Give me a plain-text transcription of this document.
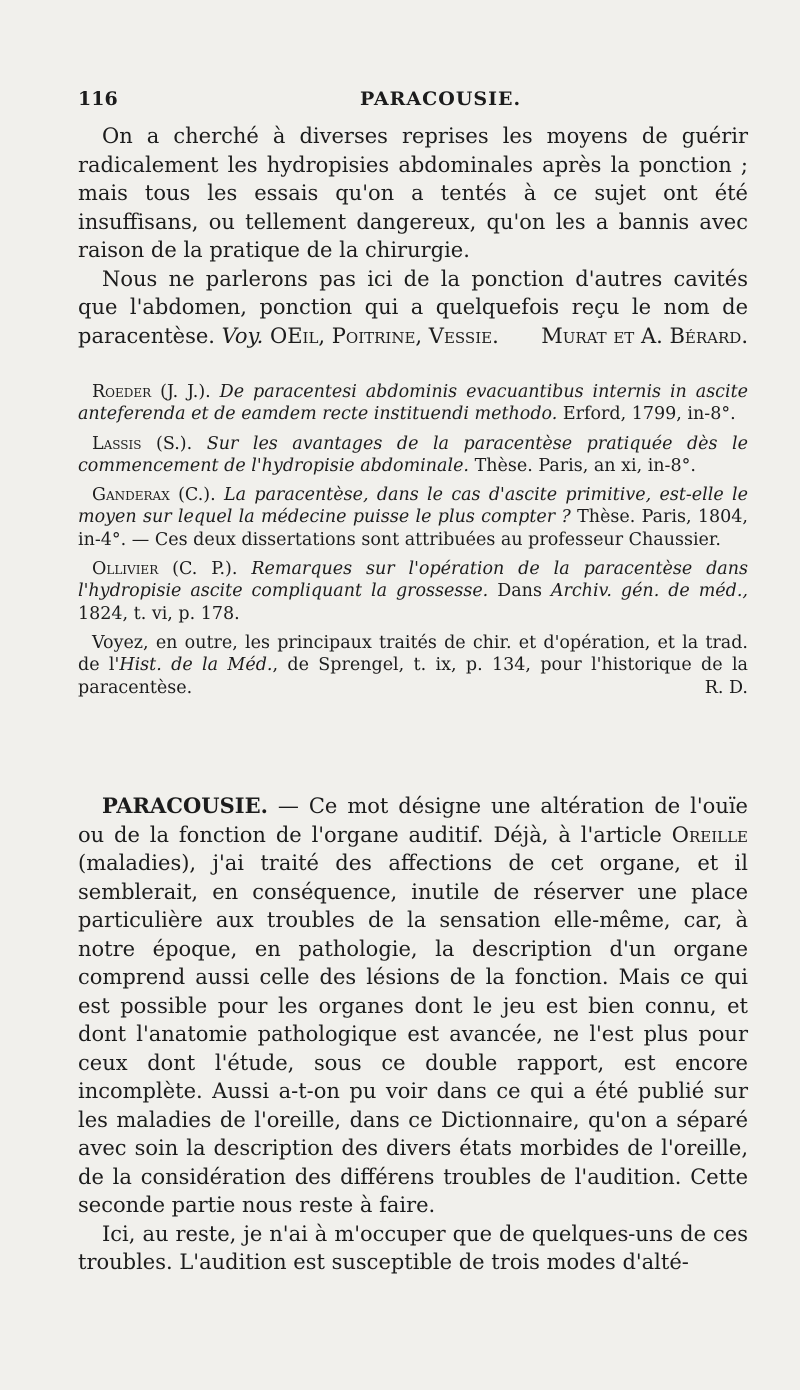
116	PARACOUSIE.

On a cherché à diverses reprises les moyens de guérir radicalement les hydropisies abdominales après la ponction ; mais tous les essais qu'on a tentés à ce sujet ont été insuffisans, ou tellement dangereux, qu'on les a bannis avec raison de la pratique de la chirurgie.

Nous ne parlerons pas ici de la ponction d'autres cavités que l'abdomen, ponction qui a quelquefois reçu le nom de paracentèse. Voy. OEil, Poitrine, Vessie.	Murat et A. Bérard.

Roeder (J. J.). De paracentesi abdominis evacuantibus internis in ascite anteferenda et de eamdem recte instituendi methodo. Erford, 1799, in-8°.

Lassis (S.). Sur les avantages de la paracentèse pratiquée dès le commencement de l'hydropisie abdominale. Thèse. Paris, an xi, in-8°.

Ganderax (C.). La paracentèse, dans le cas d'ascite primitive, est-elle le moyen sur lequel la médecine puisse le plus compter ? Thèse. Paris, 1804, in-4°. — Ces deux dissertations sont attribuées au professeur Chaussier.

Ollivier (C. P.). Remarques sur l'opération de la paracentèse dans l'hydropisie ascite compliquant la grossesse. Dans Archiv. gén. de méd., 1824, t. vi, p. 178.

Voyez, en outre, les principaux traités de chir. et d'opération, et la trad. de l'Hist. de la Méd., de Sprengel, t. ix, p. 134, pour l'historique de la paracentèse.	R. D.

PARACOUSIE. — Ce mot désigne une altération de l'ouïe ou de la fonction de l'organe auditif. Déjà, à l'article Oreille (maladies), j'ai traité des affections de cet organe, et il semblerait, en conséquence, inutile de réserver une place particulière aux troubles de la sensation elle-même, car, à notre époque, en pathologie, la description d'un organe comprend aussi celle des lésions de la fonction. Mais ce qui est possible pour les organes dont le jeu est bien connu, et dont l'anatomie pathologique est avancée, ne l'est plus pour ceux dont l'étude, sous ce double rapport, est encore incomplète. Aussi a-t-on pu voir dans ce qui a été publié sur les maladies de l'oreille, dans ce Dictionnaire, qu'on a séparé avec soin la description des divers états morbides de l'oreille, de la considération des différens troubles de l'audition. Cette seconde partie nous reste à faire.

Ici, au reste, je n'ai à m'occuper que de quelques-uns de ces troubles. L'audition est susceptible de trois modes d'alté-
